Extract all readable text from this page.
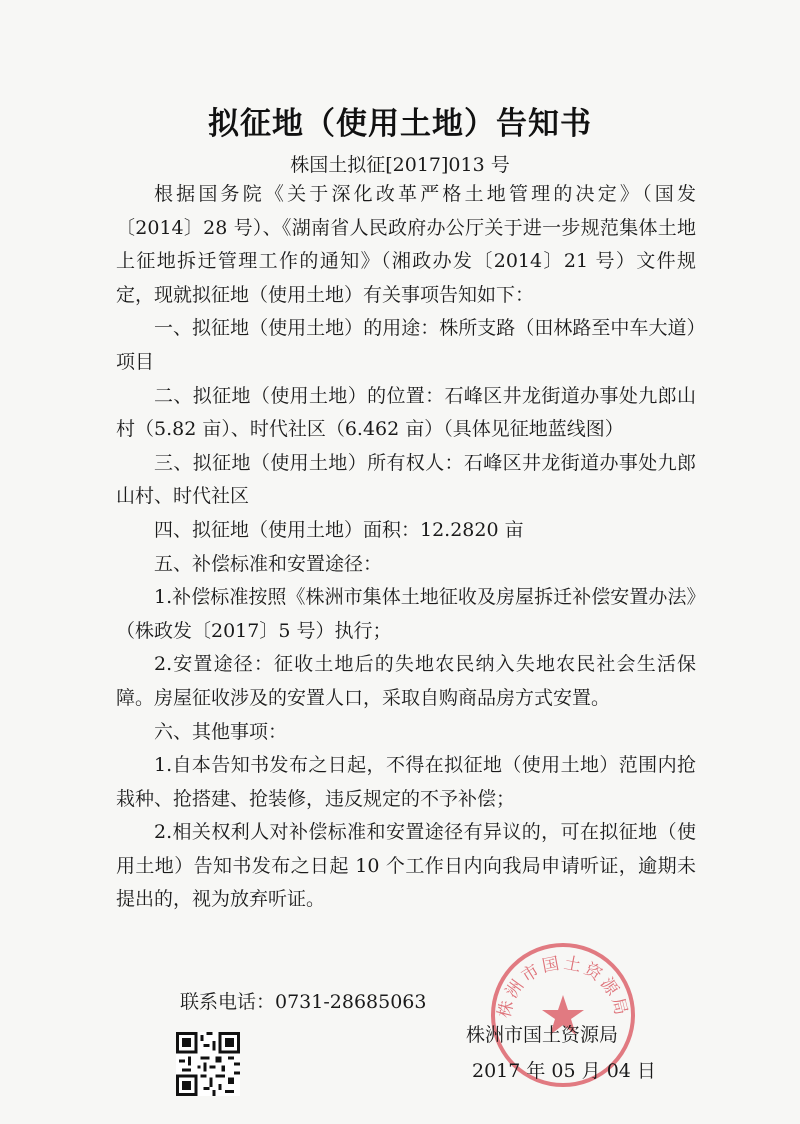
拟征地（使用土地）告知书
株国土拟征[2017]013 号

根据国务院《关于深化改革严格土地管理的决定》（国发〔2014〕28 号）、《湖南省人民政府办公厅关于进一步规范集体土地上征地拆迁管理工作的通知》（湘政办发〔2014〕21 号）文件规定，现就拟征地（使用土地）有关事项告知如下：

一、拟征地（使用土地）的用途：株所支路（田林路至中车大道）项目

二、拟征地（使用土地）的位置：石峰区井龙街道办事处九郎山村（5.82 亩）、时代社区（6.462 亩）（具体见征地蓝线图）

三、拟征地（使用土地）所有权人：石峰区井龙街道办事处九郎山村、时代社区

四、拟征地（使用土地）面积：12.2820 亩

五、补偿标准和安置途径：

1.补偿标准按照《株洲市集体土地征收及房屋拆迁补偿安置办法》（株政发〔2017〕5 号）执行；

2.安置途径：征收土地后的失地农民纳入失地农民社会生活保障。房屋征收涉及的安置人口，采取自购商品房方式安置。

六、其他事项：

1.自本告知书发布之日起，不得在拟征地（使用土地）范围内抢栽种、抢搭建、抢装修，违反规定的不予补偿；

2.相关权利人对补偿标准和安置途径有异议的，可在拟征地（使用土地）告知书发布之日起 10 个工作日内向我局申请听证，逾期未提出的，视为放弃听证。

联系电话：0731-28685063	株洲市国土资源局
株洲市国土资源局
2017 年 05 月 04 日
